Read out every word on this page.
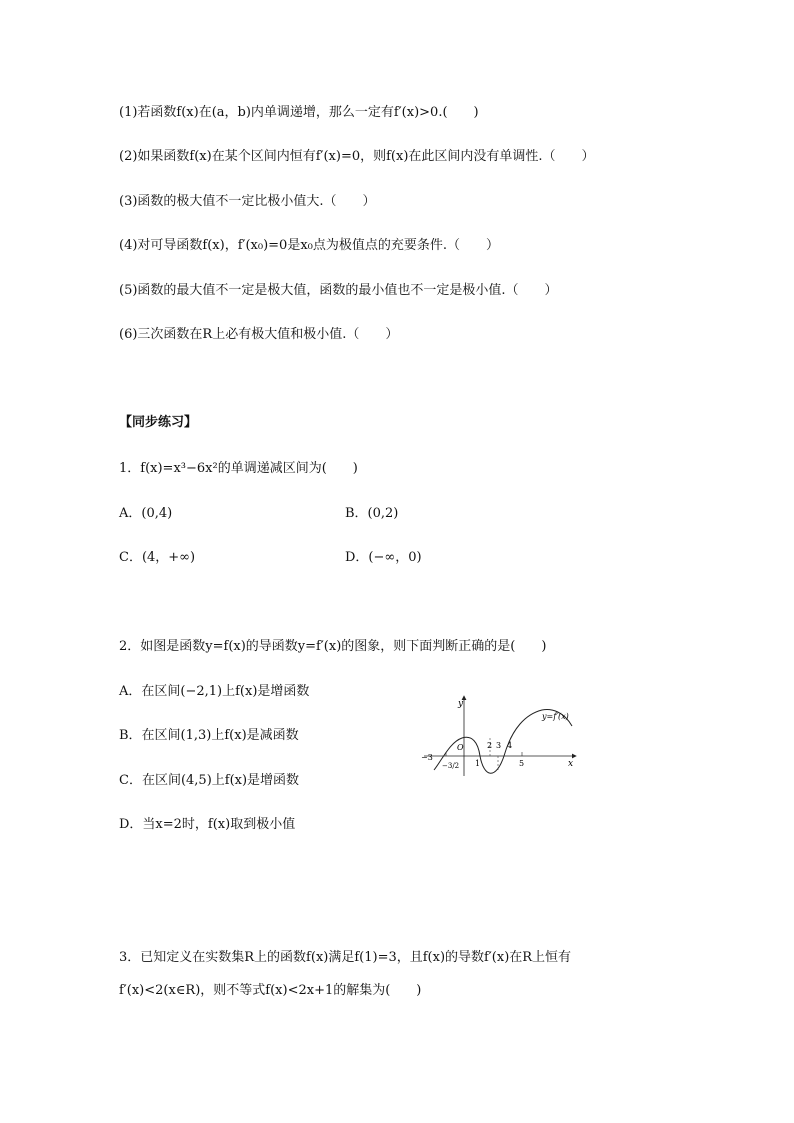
(1)若函数f(x)在(a，b)内单调递增，那么一定有f′(x)>0.(　　)
(2)如果函数f(x)在某个区间内恒有f′(x)=0，则f(x)在此区间内没有单调性.（　　）
(3)函数的极大值不一定比极小值大.（　　）
(4)对可导函数f(x)，f′(x₀)=0是x₀点为极值点的充要条件.（　　）
(5)函数的最大值不一定是极大值，函数的最小值也不一定是极小值.（　　）
(6)三次函数在R上必有极大值和极小值.（　　）
【同步练习】
1．f(x)=x³−6x²的单调递减区间为(　　)
A．(0,4)	B．(0,2)
C．(4，+∞)	D．(−∞，0)
2．如图是函数y=f(x)的导函数y=f′(x)的图象，则下面判断正确的是(　　)
A．在区间(−2,1)上f(x)是增函数
B．在区间(1,3)上f(x)是减函数
C．在区间(4,5)上f(x)是增函数
D．当x=2时，f(x)取到极小值
y
x
y=f′(x)
O
−3
−3/2 1
2 3 4
5
3．已知定义在实数集R上的函数f(x)满足f(1)=3，且f(x)的导数f′(x)在R上恒有
f′(x)<2(x∈R)，则不等式f(x)<2x+1的解集为(　　)
